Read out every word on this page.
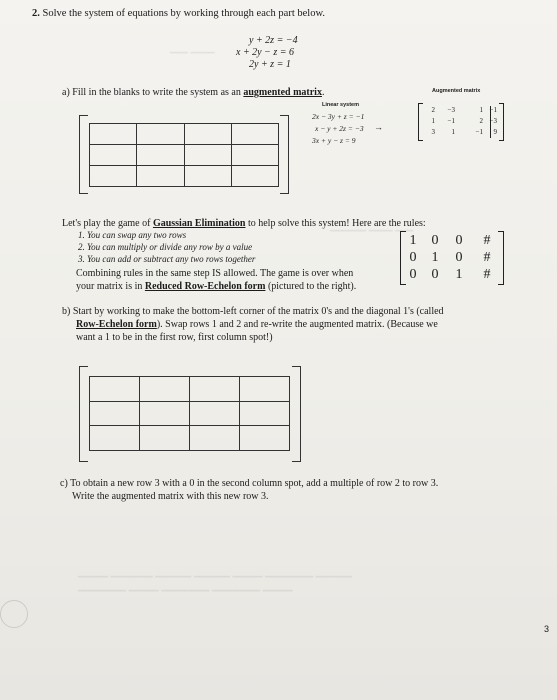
━━━ ━━━━
━━━━━━ ━━━━ ━━━
━━━━━ ━━━━━━━ ━━━━━━ ━━━━━━ ━━━━━ ━━━━━━━━ ━━━━━━
━━━━━━━━ ━━━━━ ━━━━━━━━ ━━━━━━━━ ━━━━━
2. Solve the system of equations by working through each part below.
y + 2z = −4
x + 2y − z = 6
2y + z = 1
a) Fill in the blanks to write the system as an augmented matrix.
Linear system
Augmented matrix
2x − 3y + z = −1
x − y + 2z = −3
3x + y − z = 9
→
2	−3	1 −1
1	−1	2 −3
3	1	−1	9

Let's play the game of Gaussian Elimination to help solve this system! Here are the rules:
1. You can swap any two rows
2. You can multiply or divide any row by a value
3. You can add or subtract any two rows together
Combining rules in the same step IS allowed. The game is over when
your matrix is in Reduced Row-Echelon form (pictured to the right).
1 0 0 #
0 1 0 #
0 0 1 #
b) Start by working to make the bottom-left corner of the matrix 0's and the diagonal 1's (called
Row-Echelon form). Swap rows 1 and 2 and re-write the augmented matrix. (Because we
want a 1 to be in the first row, first column spot!)

c) To obtain a new row 3 with a 0 in the second column spot, add a multiple of row 2 to row 3.
Write the augmented matrix with this new row 3.
3
